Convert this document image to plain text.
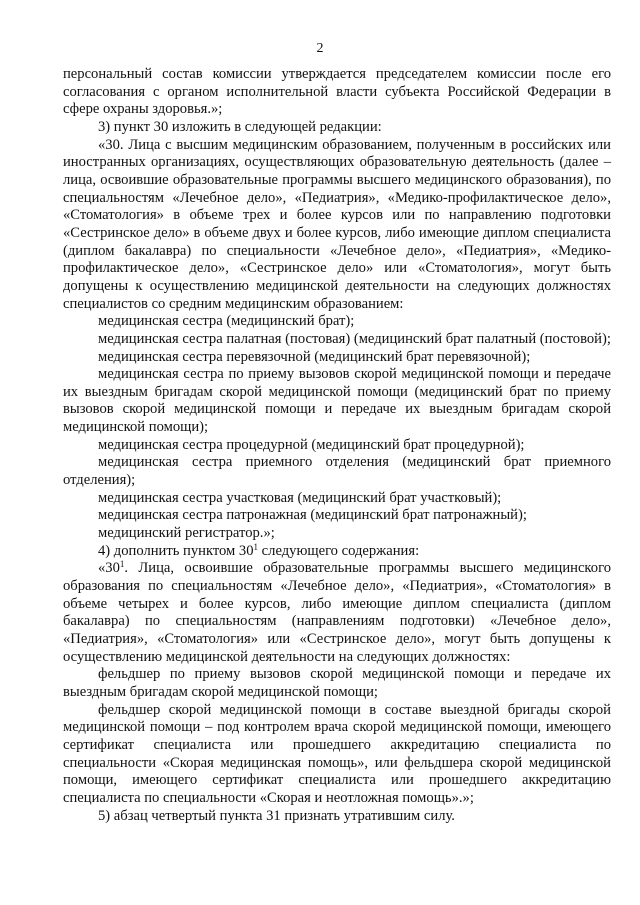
2

персональный состав комиссии утверждается председателем комиссии после его согласования с органом исполнительной власти субъекта Российской Федерации в сфере охраны здоровья.»;

3) пункт 30 изложить в следующей редакции:

«30. Лица с высшим медицинским образованием, полученным в российских или иностранных организациях, осуществляющих образовательную деятельность (далее – лица, освоившие образовательные программы высшего медицинского образования), по специальностям «Лечебное дело», «Педиатрия», «Медико-профилактическое дело», «Стоматология» в объеме трех и более курсов или по направлению подготовки «Сестринское дело» в объеме двух и более курсов, либо имеющие диплом специалиста (диплом бакалавра) по специальности «Лечебное дело», «Педиатрия», «Медико-профилактическое дело», «Сестринское дело» или «Стоматология», могут быть допущены к осуществлению медицинской деятельности на следующих должностях специалистов со средним медицинским образованием:

медицинская сестра (медицинский брат);

медицинская сестра палатная (постовая) (медицинский брат палатный (постовой);

медицинская сестра перевязочной (медицинский брат перевязочной);

медицинская сестра по приему вызовов скорой медицинской помощи и передаче их выездным бригадам скорой медицинской помощи (медицинский брат по приему вызовов скорой медицинской помощи и передаче их выездным бригадам скорой медицинской помощи);

медицинская сестра процедурной (медицинский брат процедурной);

медицинская сестра приемного отделения (медицинский брат приемного отделения);

медицинская сестра участковая (медицинский брат участковый);

медицинская сестра патронажная (медицинский брат патронажный);

медицинский регистратор.»;

4) дополнить пунктом $30^1$ следующего содержания:

«$30^1$. Лица, освоившие образовательные программы высшего медицинского образования по специальностям «Лечебное дело», «Педиатрия», «Стоматология» в объеме четырех и более курсов, либо имеющие диплом специалиста (диплом бакалавра) по специальностям (направлениям подготовки) «Лечебное дело», «Педиатрия», «Стоматология» или «Сестринское дело», могут быть допущены к осуществлению медицинской деятельности на следующих должностях:

фельдшер по приему вызовов скорой медицинской помощи и передаче их выездным бригадам скорой медицинской помощи;

фельдшер скорой медицинской помощи в составе выездной бригады скорой медицинской помощи – под контролем врача скорой медицинской помощи, имеющего сертификат специалиста или прошедшего аккредитацию специалиста по специальности «Скорая медицинская помощь», или фельдшера скорой медицинской помощи, имеющего сертификат специалиста или прошедшего аккредитацию специалиста по специальности «Скорая и неотложная помощь».»;

5) абзац четвертый пункта 31 признать утратившим силу.
